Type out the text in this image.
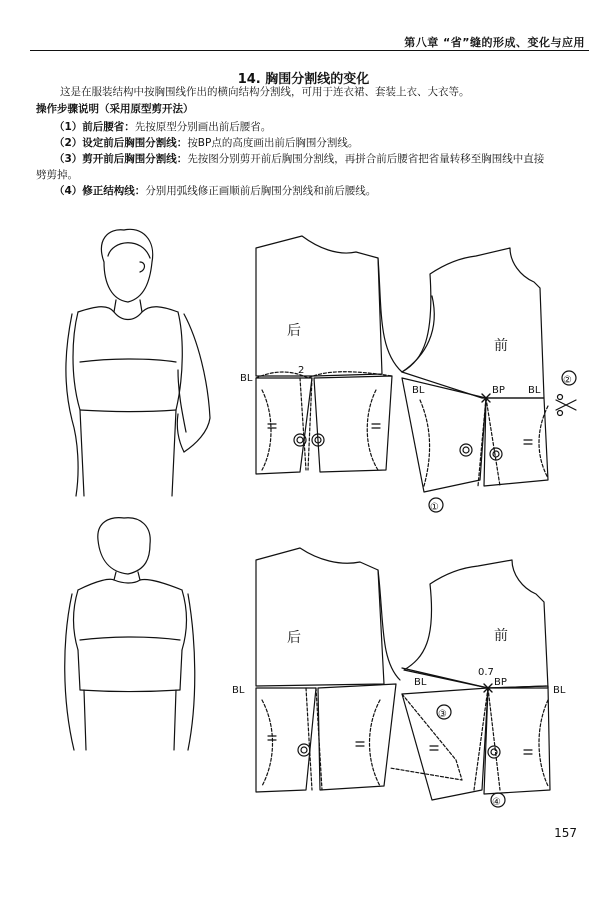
第八章 “省”缝的形成、变化与应用
14. 胸围分割线的变化
这是在服装结构中按胸围线作出的横向结构分割线，可用于连衣裙、套装上衣、大衣等。
操作步骤说明（采用原型剪开法）
（1）前后腰省：先按原型分别画出前后腰省。
（2）设定前后胸围分割线：按BP点的高度画出前后胸围分割线。
（3）剪开前后胸围分割线：先按图分别剪开前后胸围分割线，再拼合前后腰省把省量转移至胸围线中直接
劈剪掉。
（4）修正结构线：分别用弧线修正画顺前后胸围分割线和前后腰线。
后
前
BL
BL	BL
BP
2
②
①
后	前
BL
BL
BL
BP
0.7
③
④
157
